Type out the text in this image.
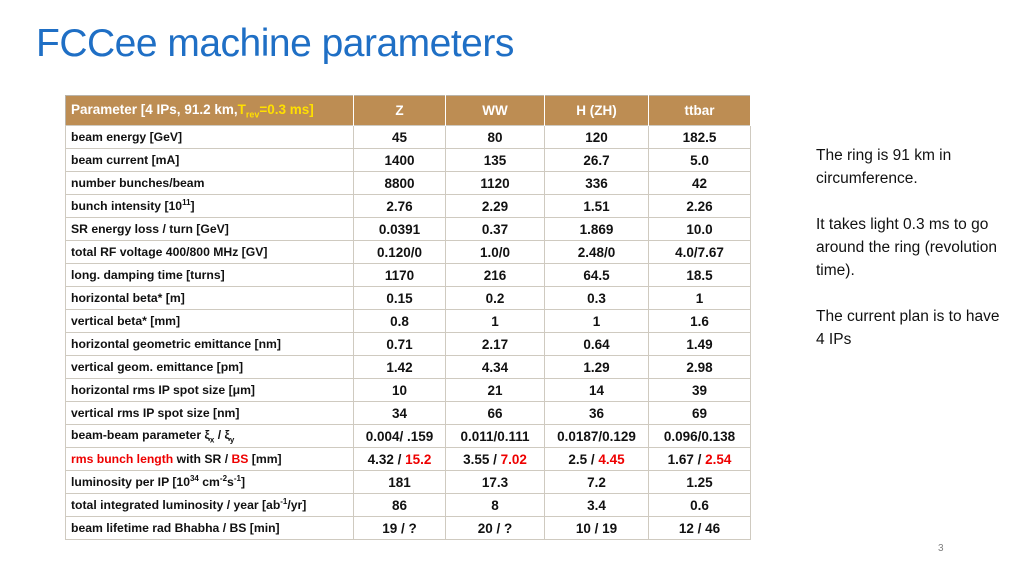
FCCee machine parameters
Parameter [4 IPs, 91.2 $km,T_{rev}=0.3$ ms]	Z	WW	H (ZH)	ttbar
beam energy [GeV]	45	80	120	182.5
beam current [mA]	1400	135	26.7	5.0
number bunches/beam	8800	1120	336	42
bunch intensity $[10^{11}]$	2.76	2.29	1.51	2.26
SR energy loss / turn [GeV]	0.0391	0.37	1.869	10.0
total RF voltage 400/800 MHz [GV]	0.120/0	1.0/0	2.48/0	4.0/7.67
long. damping time [turns]	1170	216	64.5	18.5
horizontal beta* [m]	0.15	0.2	0.3	1
vertical beta* [mm]	0.8	1	1	1.6
horizontal geometric emittance [nm]	0.71	2.17	0.64	1.49
vertical geom. emittance [pm]	1.42	4.34	1.29	2.98
horizontal rms IP spot size [μm]	10	21	14	39
vertical rms IP spot size [nm]	34	66	36	69
beam-beam parameter $\xi_x / \xi_y$	0.004/ .159	0.011/0.111	0.0187/0.129	0.096/0.138
rms bunch length with SR / BS [mm]	4.32 / 15.2	3.55 / 7.02	2.5 / 4.45	1.67 / 2.54
luminosity per IP [$10^{34}$ $cm^{-2}s^{-1}$]	181	17.3	7.2	1.25
total integrated luminosity / year $[ab^{-1}/yr]$	86	8	3.4	0.6
beam lifetime rad Bhabha / BS [min]	19 / ?	20 / ?	10 / 19	12 / 46

The ring is 91 km in circumference.

It takes light 0.3 ms to go around the ring (revolution time).

The current plan is to have 4 IPs

3
